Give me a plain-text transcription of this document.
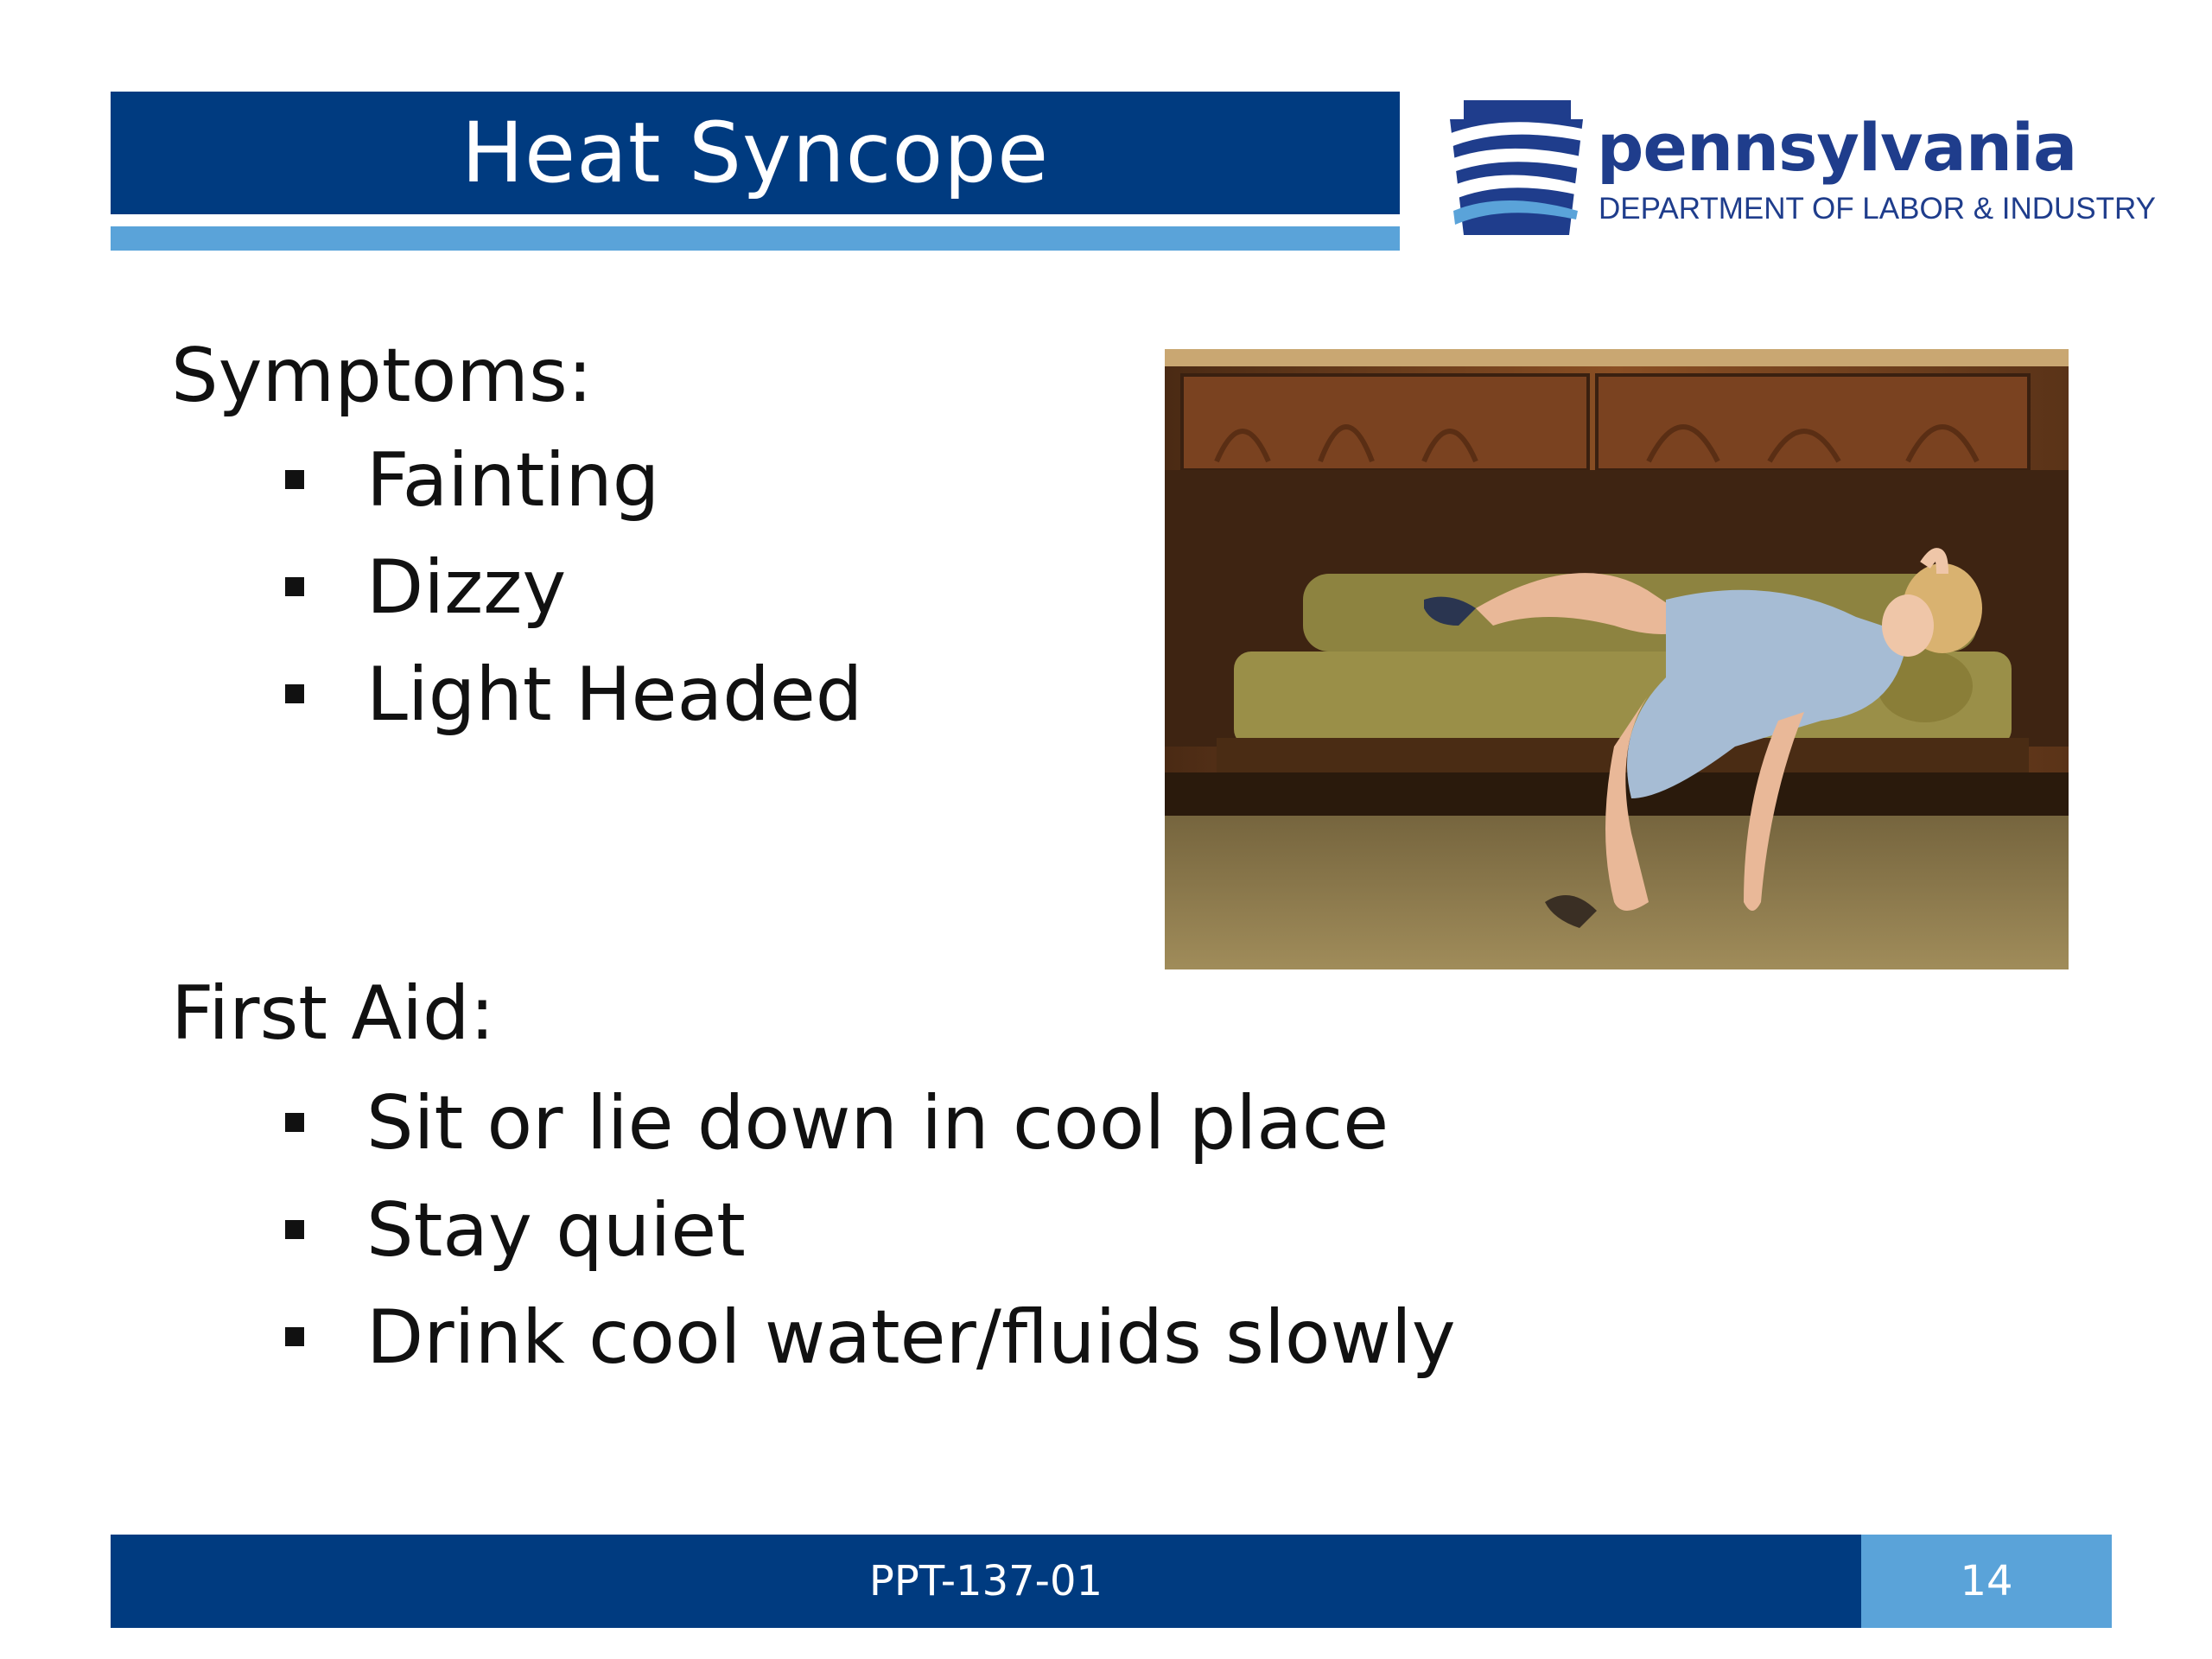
Heat Syncope	pennsylvania
DEPARTMENT OF LABOR & INDUSTRY
Symptoms:
Fainting
Dizzy
Light Headed
First Aid:
Sit or lie down in cool place
Stay quiet
Drink cool water/fluids slowly
PPT-137-01	14
